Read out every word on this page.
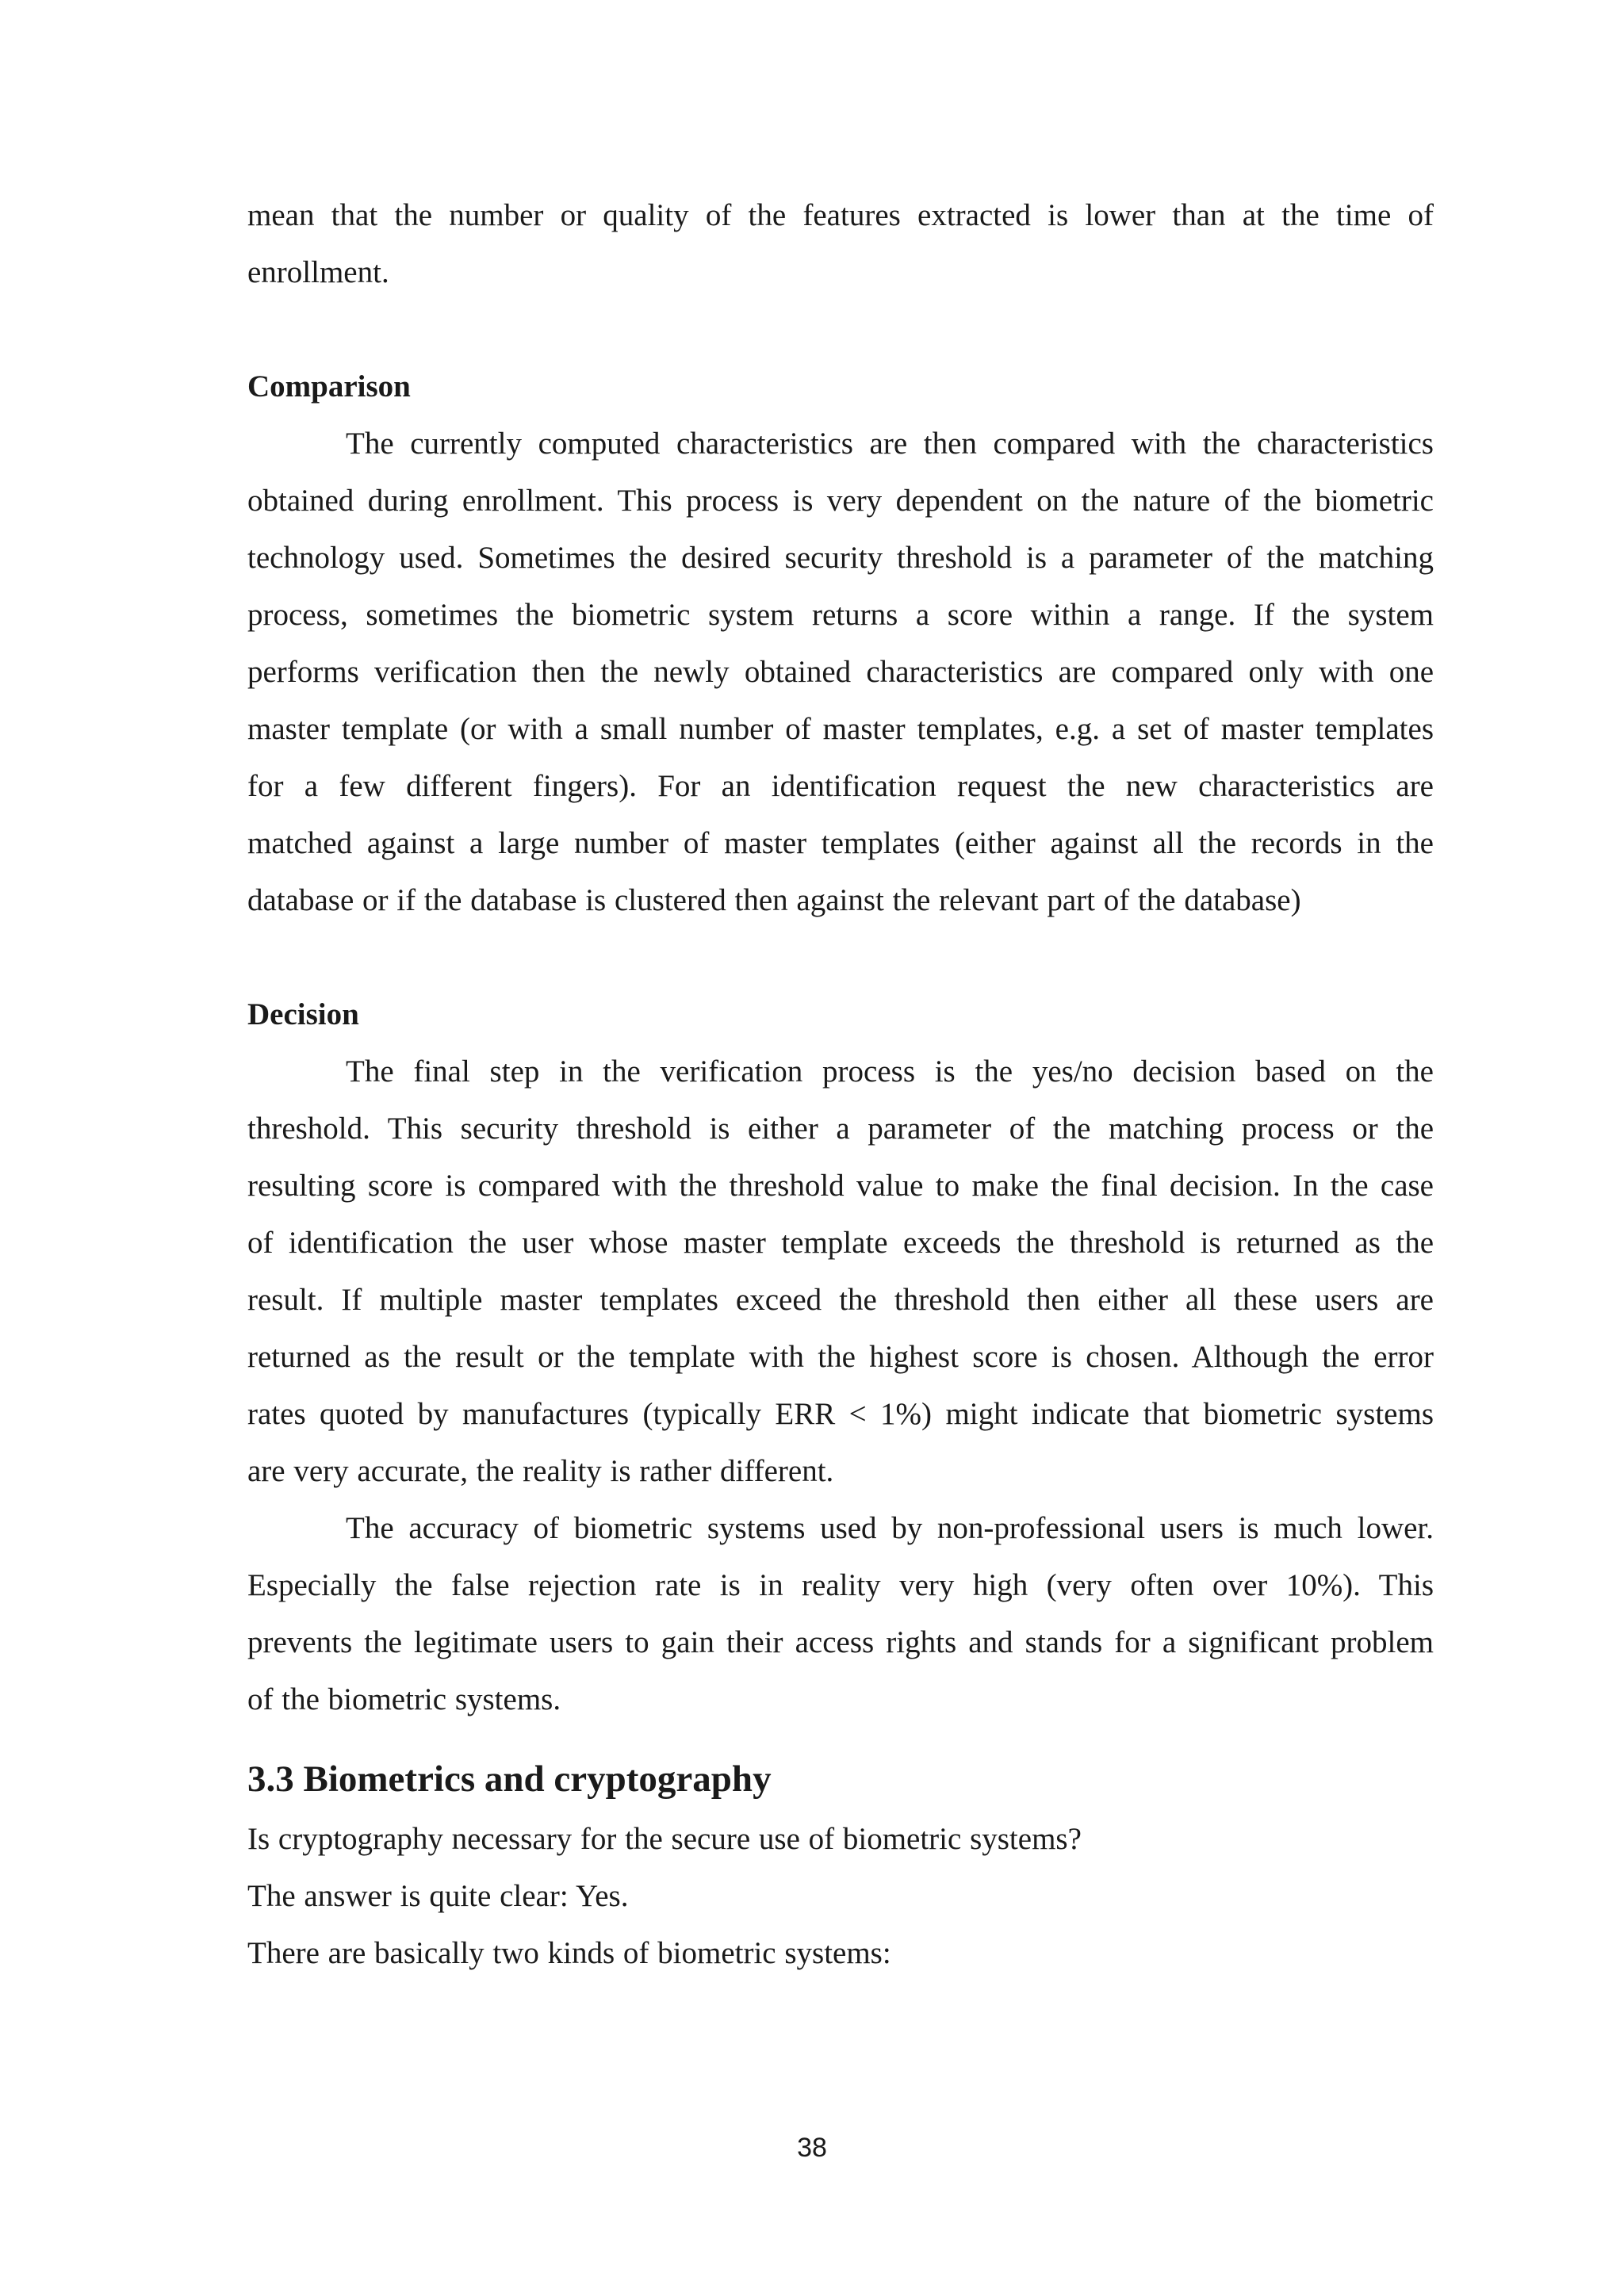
mean that the number or quality of the features extracted is lower than at the time of
enrollment.
Comparison
The currently computed characteristics are then compared with the characteristics
obtained during enrollment. This process is very dependent on the nature of the biometric
technology used. Sometimes the desired security threshold is a parameter of the matching
process, sometimes the biometric system returns a score within a range. If the system
performs verification then the newly obtained characteristics are compared only with one
master template (or with a small number of master templates, e.g. a set of master templates
for a few different fingers). For an identification request the new characteristics are
matched against a large number of master templates (either against all the records in the
database or if the database is clustered then against the relevant part of the database)
Decision
The final step in the verification process is the yes/no decision based on the
threshold. This security threshold is either a parameter of the matching process or the
resulting score is compared with the threshold value to make the final decision. In the case
of identification the user whose master template exceeds the threshold is returned as the
result. If multiple master templates exceed the threshold then either all these users are
returned as the result or the template with the highest score is chosen. Although the error
rates quoted by manufactures (typically ERR < 1%) might indicate that biometric systems
are very accurate, the reality is rather different.
The accuracy of biometric systems used by non-professional users is much lower.
Especially the false rejection rate is in reality very high (very often over 10%). This
prevents the legitimate users to gain their access rights and stands for a significant problem
of the biometric systems.
3.3 Biometrics and cryptography
Is cryptography necessary for the secure use of biometric systems?
The answer is quite clear: Yes.
There are basically two kinds of biometric systems:
38
